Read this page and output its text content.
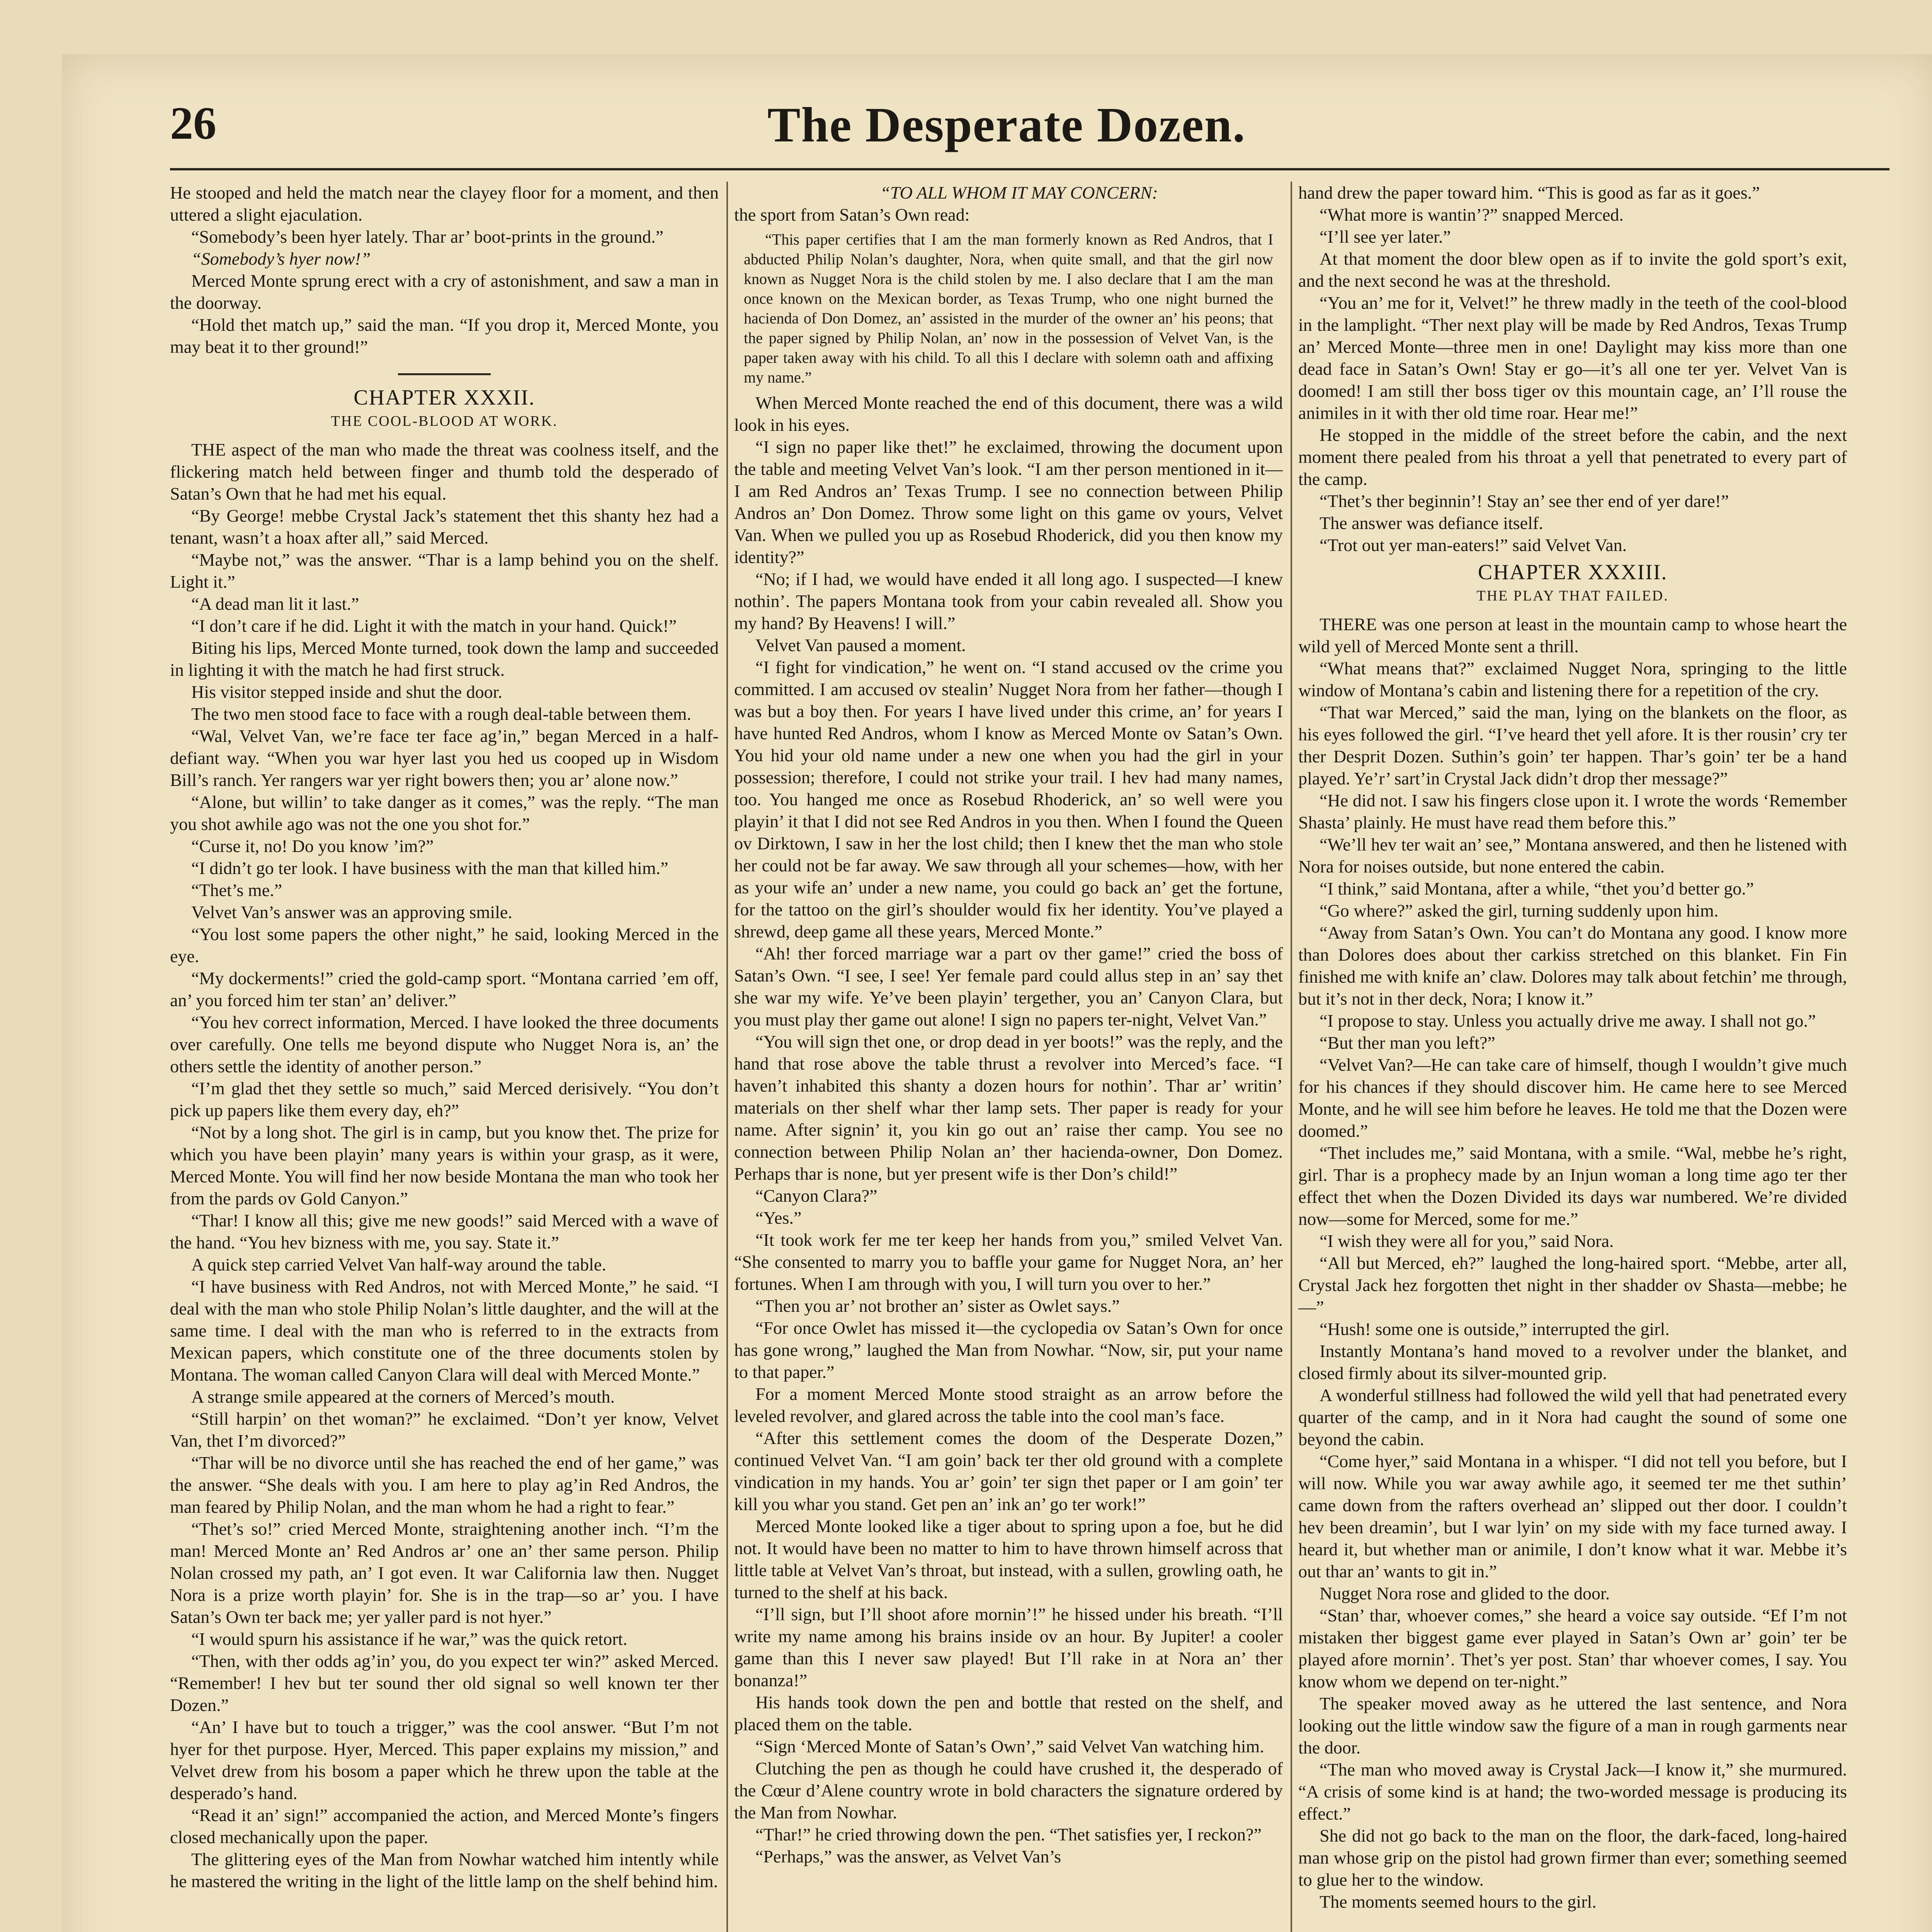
26	The Desperate Dozen.

He stooped and held the match near the clayey floor for a moment, and then uttered a slight ejaculation.

“Somebody’s been hyer lately. Thar ar’ boot-prints in the ground.”

“Somebody’s hyer now!”

Merced Monte sprung erect with a cry of astonishment, and saw a man in the doorway.

“Hold thet match up,” said the man. “If you drop it, Merced Monte, you may beat it to ther ground!”

CHAPTER XXXII.
THE COOL-BLOOD AT WORK.

THE aspect of the man who made the threat was coolness itself, and the flickering match held between finger and thumb told the desperado of Satan’s Own that he had met his equal.

“By George! mebbe Crystal Jack’s statement thet this shanty hez had a tenant, wasn’t a hoax after all,” said Merced.

“Maybe not,” was the answer. “Thar is a lamp behind you on the shelf. Light it.”

“A dead man lit it last.”

“I don’t care if he did. Light it with the match in your hand. Quick!”

Biting his lips, Merced Monte turned, took down the lamp and succeeded in lighting it with the match he had first struck.

His visitor stepped inside and shut the door.

The two men stood face to face with a rough deal-table between them.

“Wal, Velvet Van, we’re face ter face ag’in,” began Merced in a half-defiant way. “When you war hyer last you hed us cooped up in Wisdom Bill’s ranch. Yer rangers war yer right bowers then; you ar’ alone now.”

“Alone, but willin’ to take danger as it comes,” was the reply. “The man you shot awhile ago was not the one you shot for.”

“Curse it, no! Do you know ’im?”

“I didn’t go ter look. I have business with the man that killed him.”

“Thet’s me.”

Velvet Van’s answer was an approving smile.

“You lost some papers the other night,” he said, looking Merced in the eye.

“My dockerments!” cried the gold-camp sport. “Montana carried ’em off, an’ you forced him ter stan’ an’ deliver.”

“You hev correct information, Merced. I have looked the three documents over carefully. One tells me beyond dispute who Nugget Nora is, an’ the others settle the identity of another person.”

“I’m glad thet they settle so much,” said Merced derisively. “You don’t pick up papers like them every day, eh?”

“Not by a long shot. The girl is in camp, but you know thet. The prize for which you have been playin’ many years is within your grasp, as it were, Merced Monte. You will find her now beside Montana the man who took her from the pards ov Gold Canyon.”

“Thar! I know all this; give me new goods!” said Merced with a wave of the hand. “You hev bizness with me, you say. State it.”

A quick step carried Velvet Van half-way around the table.

“I have business with Red Andros, not with Merced Monte,” he said. “I deal with the man who stole Philip Nolan’s little daughter, and the will at the same time. I deal with the man who is referred to in the extracts from Mexican papers, which constitute one of the three documents stolen by Montana. The woman called Canyon Clara will deal with Merced Monte.”

A strange smile appeared at the corners of Merced’s mouth.

“Still harpin’ on thet woman?” he exclaimed. “Don’t yer know, Velvet Van, thet I’m divorced?”

“Thar will be no divorce until she has reached the end of her game,” was the answer. “She deals with you. I am here to play ag’in Red Andros, the man feared by Philip Nolan, and the man whom he had a right to fear.”

“Thet’s so!” cried Merced Monte, straightening another inch. “I’m the man! Merced Monte an’ Red Andros ar’ one an’ ther same person. Philip Nolan crossed my path, an’ I got even. It war California law then. Nugget Nora is a prize worth playin’ for. She is in the trap—so ar’ you. I have Satan’s Own ter back me; yer yaller pard is not hyer.”

“I would spurn his assistance if he war,” was the quick retort.

“Then, with ther odds ag’in’ you, do you expect ter win?” asked Merced. “Remember! I hev but ter sound ther old signal so well known ter ther Dozen.”

“An’ I have but to touch a trigger,” was the cool answer. “But I’m not hyer for thet purpose. Hyer, Merced. This paper explains my mission,” and Velvet drew from his bosom a paper which he threw upon the table at the desperado’s hand.

“Read it an’ sign!” accompanied the action, and Merced Monte’s fingers closed mechanically upon the paper.

The glittering eyes of the Man from Nowhar watched him intently while he mastered the writing in the light of the little lamp on the shelf behind him.

“TO ALL WHOM IT MAY CONCERN:

the sport from Satan’s Own read:

“This paper certifies that I am the man formerly known as Red Andros, that I abducted Philip Nolan’s daughter, Nora, when quite small, and that the girl now known as Nugget Nora is the child stolen by me. I also declare that I am the man once known on the Mexican border, as Texas Trump, who one night burned the hacienda of Don Domez, an’ assisted in the murder of the owner an’ his peons; that the paper signed by Philip Nolan, an’ now in the possession of Velvet Van, is the paper taken away with his child. To all this I declare with solemn oath and affixing my name.”

When Merced Monte reached the end of this document, there was a wild look in his eyes.

“I sign no paper like thet!” he exclaimed, throwing the document upon the table and meeting Velvet Van’s look. “I am ther person mentioned in it—I am Red Andros an’ Texas Trump. I see no connection between Philip Andros an’ Don Domez. Throw some light on this game ov yours, Velvet Van. When we pulled you up as Rosebud Rhoderick, did you then know my identity?”

“No; if I had, we would have ended it all long ago. I suspected—I knew nothin’. The papers Montana took from your cabin revealed all. Show you my hand? By Heavens! I will.”

Velvet Van paused a moment.

“I fight for vindication,” he went on. “I stand accused ov the crime you committed. I am accused ov stealin’ Nugget Nora from her father—though I was but a boy then. For years I have lived under this crime, an’ for years I have hunted Red Andros, whom I know as Merced Monte ov Satan’s Own. You hid your old name under a new one when you had the girl in your possession; therefore, I could not strike your trail. I hev had many names, too. You hanged me once as Rosebud Rhoderick, an’ so well were you playin’ it that I did not see Red Andros in you then. When I found the Queen ov Dirktown, I saw in her the lost child; then I knew thet the man who stole her could not be far away. We saw through all your schemes—how, with her as your wife an’ under a new name, you could go back an’ get the fortune, for the tattoo on the girl’s shoulder would fix her identity. You’ve played a shrewd, deep game all these years, Merced Monte.”

“Ah! ther forced marriage war a part ov ther game!” cried the boss of Satan’s Own. “I see, I see! Yer female pard could allus step in an’ say thet she war my wife. Ye’ve been playin’ tergether, you an’ Canyon Clara, but you must play ther game out alone! I sign no papers ter-night, Velvet Van.”

“You will sign thet one, or drop dead in yer boots!” was the reply, and the hand that rose above the table thrust a revolver into Merced’s face. “I haven’t inhabited this shanty a dozen hours for nothin’. Thar ar’ writin’ materials on ther shelf whar ther lamp sets. Ther paper is ready for your name. After signin’ it, you kin go out an’ raise ther camp. You see no connection between Philip Nolan an’ ther hacienda-owner, Don Domez. Perhaps thar is none, but yer present wife is ther Don’s child!”

“Canyon Clara?”

“Yes.”

“It took work fer me ter keep her hands from you,” smiled Velvet Van. “She consented to marry you to baffle your game for Nugget Nora, an’ her fortunes. When I am through with you, I will turn you over to her.”

“Then you ar’ not brother an’ sister as Owlet says.”

“For once Owlet has missed it—the cyclopedia ov Satan’s Own for once has gone wrong,” laughed the Man from Nowhar. “Now, sir, put your name to that paper.”

For a moment Merced Monte stood straight as an arrow before the leveled revolver, and glared across the table into the cool man’s face.

“After this settlement comes the doom of the Desperate Dozen,” continued Velvet Van. “I am goin’ back ter ther old ground with a complete vindication in my hands. You ar’ goin’ ter sign thet paper or I am goin’ ter kill you whar you stand. Get pen an’ ink an’ go ter work!”

Merced Monte looked like a tiger about to spring upon a foe, but he did not. It would have been no matter to him to have thrown himself across that little table at Velvet Van’s throat, but instead, with a sullen, growling oath, he turned to the shelf at his back.

“I’ll sign, but I’ll shoot afore mornin’!” he hissed under his breath. “I’ll write my name among his brains inside ov an hour. By Jupiter! a cooler game than this I never saw played! But I’ll rake in at Nora an’ ther bonanza!”

His hands took down the pen and bottle that rested on the shelf, and placed them on the table.

“Sign ‘Merced Monte of Satan’s Own’,” said Velvet Van watching him.

Clutching the pen as though he could have crushed it, the desperado of the Cœur d’Alene country wrote in bold characters the signature ordered by the Man from Nowhar.

“Thar!” he cried throwing down the pen. “Thet satisfies yer, I reckon?”

“Perhaps,” was the answer, as Velvet Van’s

hand drew the paper toward him. “This is good as far as it goes.”

“What more is wantin’?” snapped Merced.

“I’ll see yer later.”

At that moment the door blew open as if to invite the gold sport’s exit, and the next second he was at the threshold.

“You an’ me for it, Velvet!” he threw madly in the teeth of the cool-blood in the lamplight. “Ther next play will be made by Red Andros, Texas Trump an’ Merced Monte—three men in one! Daylight may kiss more than one dead face in Satan’s Own! Stay er go—it’s all one ter yer. Velvet Van is doomed! I am still ther boss tiger ov this mountain cage, an’ I’ll rouse the animiles in it with ther old time roar. Hear me!”

He stopped in the middle of the street before the cabin, and the next moment there pealed from his throat a yell that penetrated to every part of the camp.

“Thet’s ther beginnin’! Stay an’ see ther end of yer dare!”

The answer was defiance itself.

“Trot out yer man-eaters!” said Velvet Van.

CHAPTER XXXIII.
THE PLAY THAT FAILED.

THERE was one person at least in the mountain camp to whose heart the wild yell of Merced Monte sent a thrill.

“What means that?” exclaimed Nugget Nora, springing to the little window of Montana’s cabin and listening there for a repetition of the cry.

“That war Merced,” said the man, lying on the blankets on the floor, as his eyes followed the girl. “I’ve heard thet yell afore. It is ther rousin’ cry ter ther Desprit Dozen. Suthin’s goin’ ter happen. Thar’s goin’ ter be a hand played. Ye’r’ sart’in Crystal Jack didn’t drop ther message?”

“He did not. I saw his fingers close upon it. I wrote the words ‘Remember Shasta’ plainly. He must have read them before this.”

“We’ll hev ter wait an’ see,” Montana answered, and then he listened with Nora for noises outside, but none entered the cabin.

“I think,” said Montana, after a while, “thet you’d better go.”

“Go where?” asked the girl, turning suddenly upon him.

“Away from Satan’s Own. You can’t do Montana any good. I know more than Dolores does about ther carkiss stretched on this blanket. Fin Fin finished me with knife an’ claw. Dolores may talk about fetchin’ me through, but it’s not in ther deck, Nora; I know it.”

“I propose to stay. Unless you actually drive me away. I shall not go.”

“But ther man you left?”

“Velvet Van?—He can take care of himself, though I wouldn’t give much for his chances if they should discover him. He came here to see Merced Monte, and he will see him before he leaves. He told me that the Dozen were doomed.”

“Thet includes me,” said Montana, with a smile. “Wal, mebbe he’s right, girl. Thar is a prophecy made by an Injun woman a long time ago ter ther effect thet when the Dozen Divided its days war numbered. We’re divided now—some for Merced, some for me.”

“I wish they were all for you,” said Nora.

“All but Merced, eh?” laughed the long-haired sport. “Mebbe, arter all, Crystal Jack hez forgotten thet night in ther shadder ov Shasta—mebbe; he—”

“Hush! some one is outside,” interrupted the girl.

Instantly Montana’s hand moved to a revolver under the blanket, and closed firmly about its silver-mounted grip.

A wonderful stillness had followed the wild yell that had penetrated every quarter of the camp, and in it Nora had caught the sound of some one beyond the cabin.

“Come hyer,” said Montana in a whisper. “I did not tell you before, but I will now. While you war away awhile ago, it seemed ter me thet suthin’ came down from the rafters overhead an’ slipped out ther door. I couldn’t hev been dreamin’, but I war lyin’ on my side with my face turned away. I heard it, but whether man or animile, I don’t know what it war. Mebbe it’s out thar an’ wants to git in.”

Nugget Nora rose and glided to the door.

“Stan’ thar, whoever comes,” she heard a voice say outside. “Ef I’m not mistaken ther biggest game ever played in Satan’s Own ar’ goin’ ter be played afore mornin’. Thet’s yer post. Stan’ thar whoever comes, I say. You know whom we depend on ter-night.”

The speaker moved away as he uttered the last sentence, and Nora looking out the little window saw the figure of a man in rough garments near the door.

“The man who moved away is Crystal Jack—I know it,” she murmured. “A crisis of some kind is at hand; the two-worded message is producing its effect.”

She did not go back to the man on the floor, the dark-faced, long-haired man whose grip on the pistol had grown firmer than ever; something seemed to glue her to the window.

The moments seemed hours to the girl.
